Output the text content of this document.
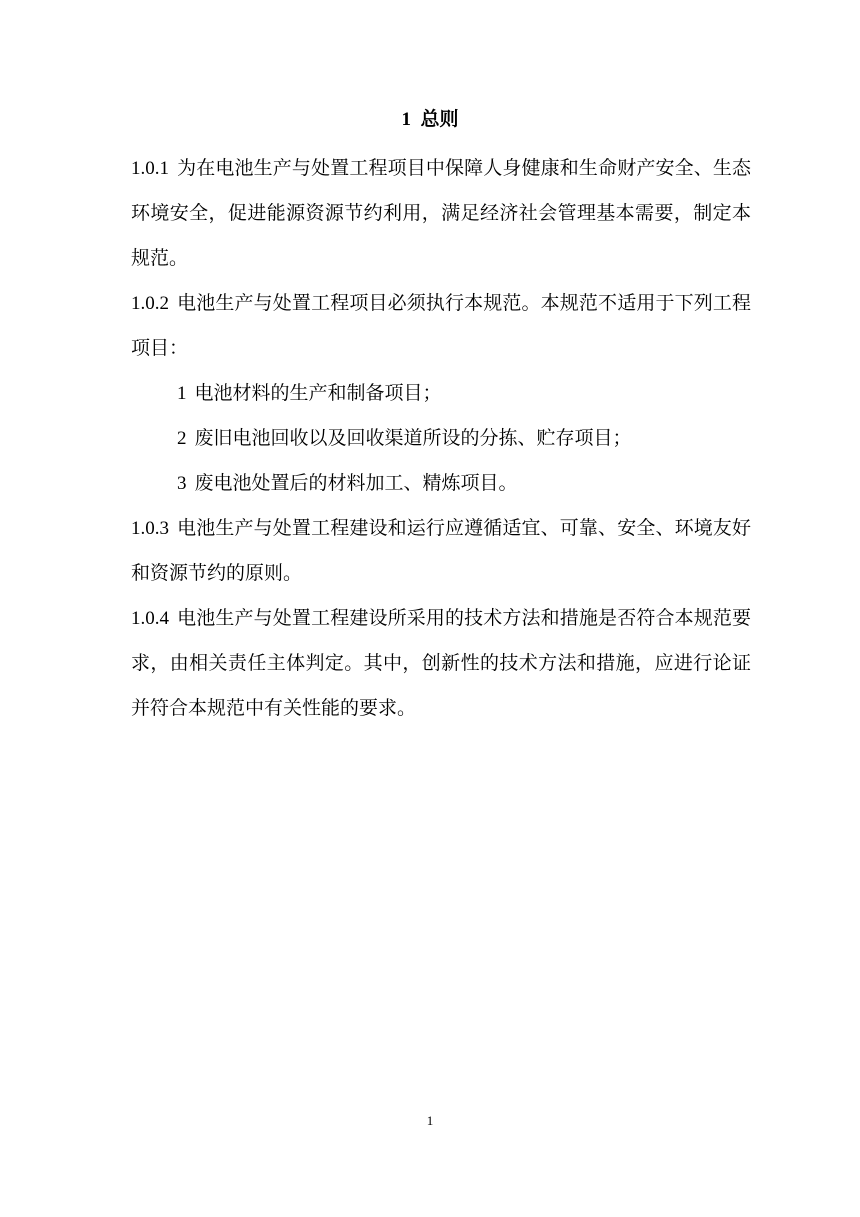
1  总则

1.0.1 为在电池生产与处置工程项目中保障人身健康和生命财产安全、生态环境安全，促进能源资源节约利用，满足经济社会管理基本需要，制定本规范。

1.0.2 电池生产与处置工程项目必须执行本规范。本规范不适用于下列工程项目：

1 电池材料的生产和制备项目；

2 废旧电池回收以及回收渠道所设的分拣、贮存项目；

3 废电池处置后的材料加工、精炼项目。

1.0.3 电池生产与处置工程建设和运行应遵循适宜、可靠、安全、环境友好和资源节约的原则。

1.0.4 电池生产与处置工程建设所采用的技术方法和措施是否符合本规范要求，由相关责任主体判定。其中，创新性的技术方法和措施，应进行论证并符合本规范中有关性能的要求。

1
